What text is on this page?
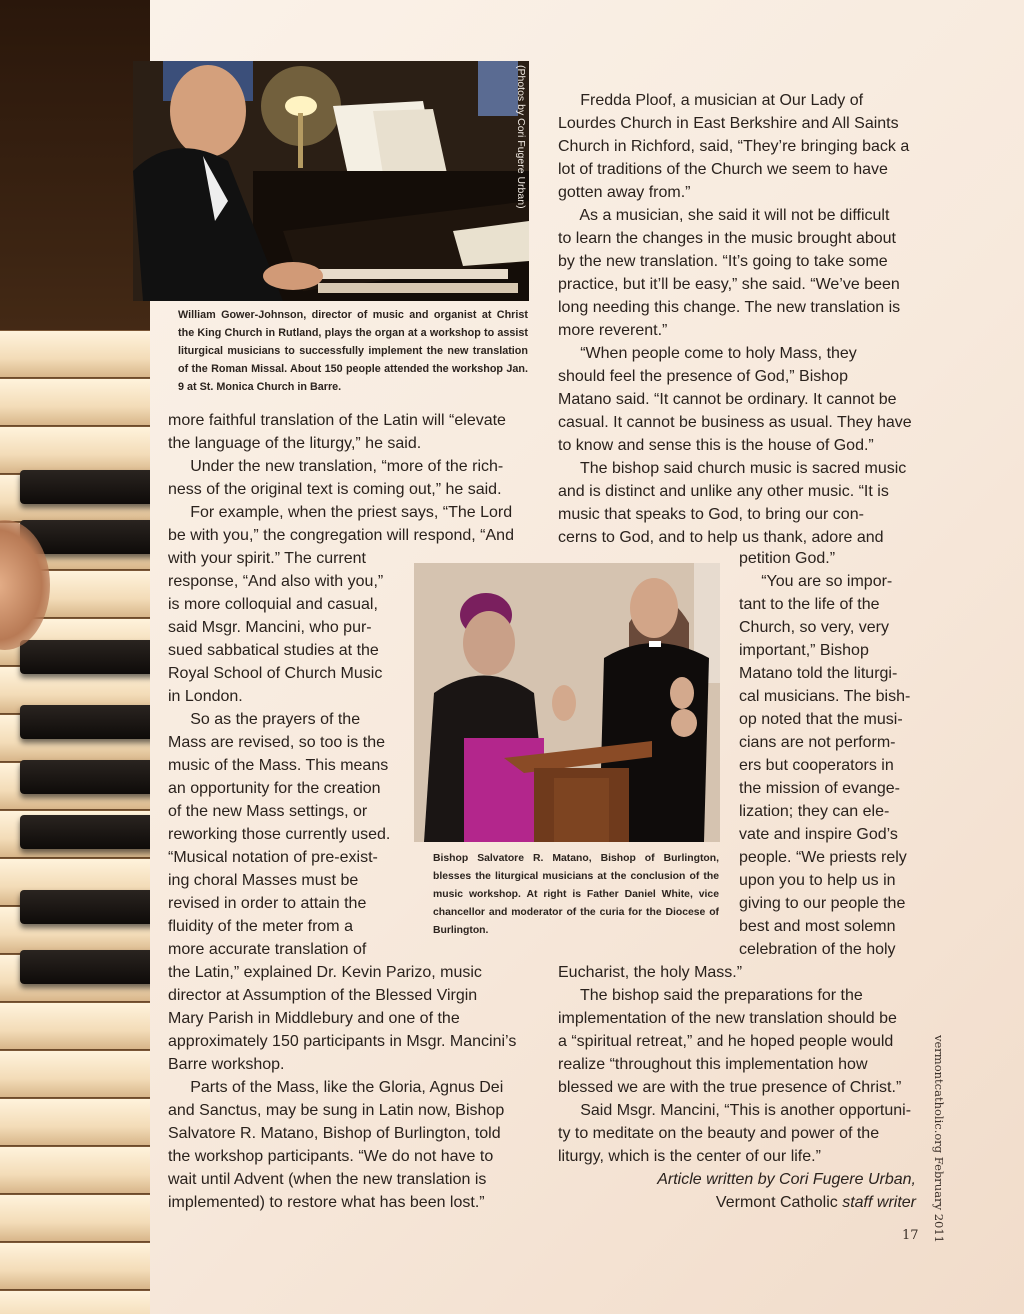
(Photos by Cori Fugere Urban)
William Gower-Johnson, director of music and organist at Christ the King Church in Rutland, plays the organ at a workshop to assist liturgical musicians to successfully implement the new translation of the Roman Missal. About 150 people attended the workshop Jan. 9 at St. Monica Church in Barre.
Bishop Salvatore R. Matano, Bishop of Burlington, blesses the liturgical musicians at the conclusion of the music workshop. At right is Father Daniel White, vice chancellor and moderator of the curia for the Diocese of Burlington.
more faithful translation of the Latin will “elevate
the language of the liturgy,” he said.
Under the new translation, “more of the rich-
ness of the original text is coming out,” he said.
For example, when the priest says, “The Lord
be with you,” the congregation will respond, “And
with your spirit.” The current
response, “And also with you,”
is more colloquial and casual,
said Msgr. Mancini, who pur-
sued sabbatical studies at the
Royal School of Church Music
in London.
So as the prayers of the
Mass are revised, so too is the
music of the Mass. This means
an opportunity for the creation
of the new Mass settings, or
reworking those currently used.
“Musical notation of pre-exist-
ing choral Masses must be
revised in order to attain the
fluidity of the meter from a
more accurate translation of
the Latin,” explained Dr. Kevin Parizo, music
director at Assumption of the Blessed Virgin
Mary Parish in Middlebury and one of the
approximately 150 participants in Msgr. Mancini’s
Barre workshop.
Parts of the Mass, like the Gloria, Agnus Dei
and Sanctus, may be sung in Latin now, Bishop
Salvatore R. Matano, Bishop of Burlington, told
the workshop participants. “We do not have to
wait until Advent (when the new translation is
implemented) to restore what has been lost.”
Fredda Ploof, a musician at Our Lady of
Lourdes Church in East Berkshire and All Saints
Church in Richford, said, “They’re bringing back a
lot of traditions of the Church we seem to have
gotten away from.”
As a musician, she said it will not be difficult
to learn the changes in the music brought about
by the new translation. “It’s going to take some
practice, but it’ll be easy,” she said. “We’ve been
long needing this change. The new translation is
more reverent.”
“When people come to holy Mass, they
should feel the presence of God,” Bishop
Matano said. “It cannot be ordinary. It cannot be
casual. It cannot be business as usual. They have
to know and sense this is the house of God.”
The bishop said church music is sacred music
and is distinct and unlike any other music. “It is
music that speaks to God, to bring our con-
cerns to God, and to help us thank, adore and
petition God.”
“You are so impor-
tant to the life of the
Church, so very, very
important,” Bishop
Matano told the liturgi-
cal musicians. The bish-
op noted that the musi-
cians are not perform-
ers but cooperators in
the mission of evange-
lization; they can ele-
vate and inspire God’s
people. “We priests rely
upon you to help us in
giving to our people the
best and most solemn
celebration of the holy
Eucharist, the holy Mass.”
The bishop said the preparations for the
implementation of the new translation should be
a “spiritual retreat,” and he hoped people would
realize “throughout this implementation how
blessed we are with the true presence of Christ.”
Said Msgr. Mancini, “This is another opportuni-
ty to meditate on the beauty and power of the
liturgy, which is the center of our life.”
Article written by Cori Fugere Urban,
Vermont Catholic staff writer vermontcatholic.org February 2011
17
